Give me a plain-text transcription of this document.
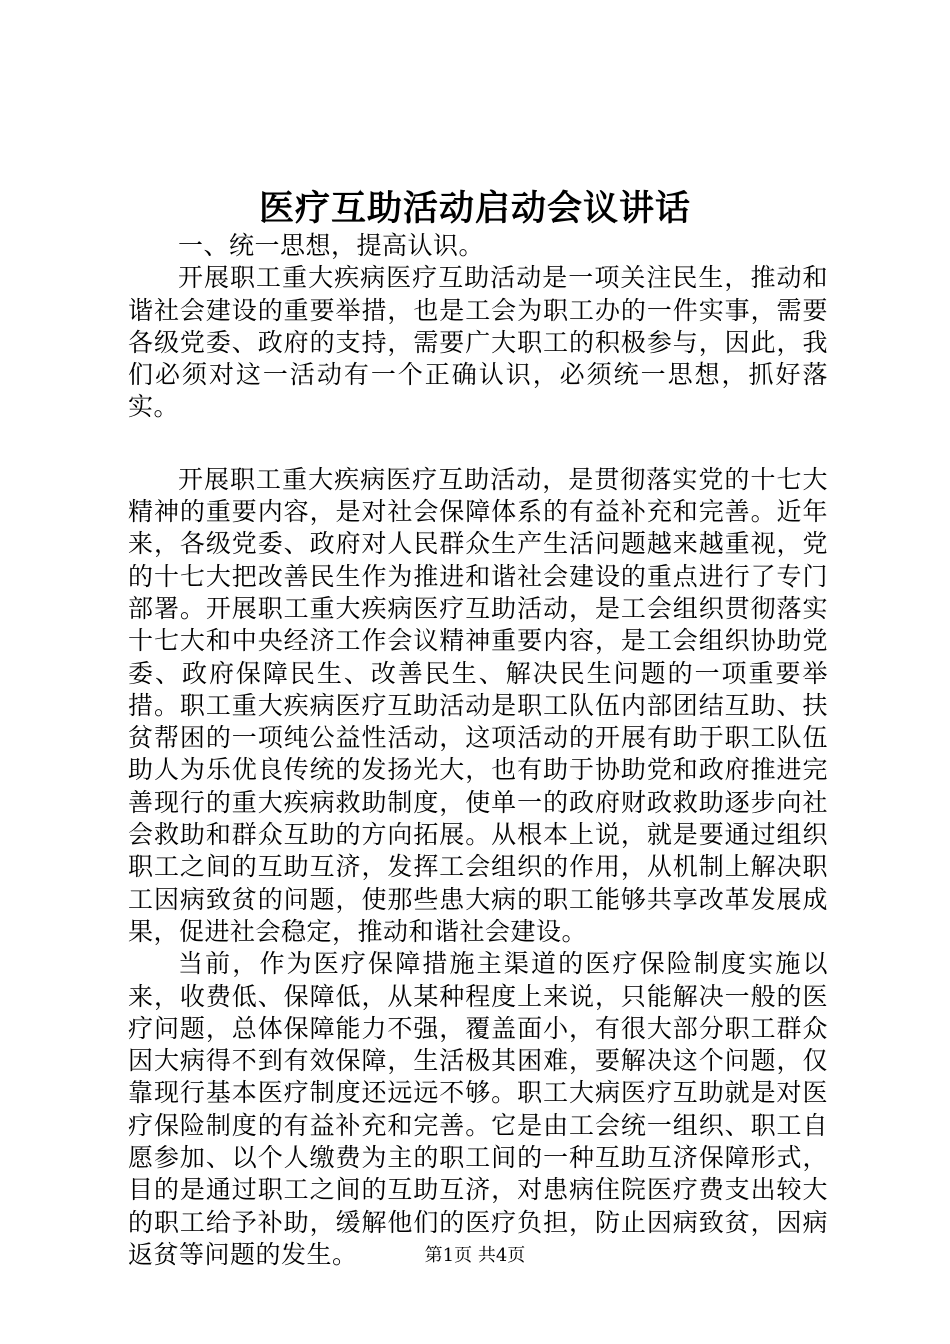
医疗互助活动启动会议讲话

一、统一思想，提高认识。

开展职工重大疾病医疗互助活动是一项关注民生，推动和谐社会建设的重要举措，也是工会为职工办的一件实事，需要各级党委、政府的支持，需要广大职工的积极参与，因此，我们必须对这一活动有一个正确认识，必须统一思想，抓好落实。

开展职工重大疾病医疗互助活动，是贯彻落实党的十七大精神的重要内容，是对社会保障体系的有益补充和完善。近年来，各级党委、政府对人民群众生产生活问题越来越重视，党的十七大把改善民生作为推进和谐社会建设的重点进行了专门部署。开展职工重大疾病医疗互助活动，是工会组织贯彻落实十七大和中央经济工作会议精神重要内容，是工会组织协助党委、政府保障民生、改善民生、解决民生问题的一项重要举措。职工重大疾病医疗互助活动是职工队伍内部团结互助、扶贫帮困的一项纯公益性活动，这项活动的开展有助于职工队伍助人为乐优良传统的发扬光大，也有助于协助党和政府推进完善现行的重大疾病救助制度，使单一的政府财政救助逐步向社会救助和群众互助的方向拓展。从根本上说，就是要通过组织职工之间的互助互济，发挥工会组织的作用，从机制上解决职工因病致贫的问题，使那些患大病的职工能够共享改革发展成果，促进社会稳定，推动和谐社会建设。

当前，作为医疗保障措施主渠道的医疗保险制度实施以来，收费低、保障低，从某种程度上来说，只能解决一般的医疗问题，总体保障能力不强，覆盖面小，有很大部分职工群众因大病得不到有效保障，生活极其困难，要解决这个问题，仅靠现行基本医疗制度还远远不够。职工大病医疗互助就是对医疗保险制度的有益补充和完善。它是由工会统一组织、职工自愿参加、以个人缴费为主的职工间的一种互助互济保障形式，目的是通过职工之间的互助互济，对患病住院医疗费支出较大的职工给予补助，缓解他们的医疗负担，防止因病致贫，因病返贫等问题的发生。	第1页 共4页
